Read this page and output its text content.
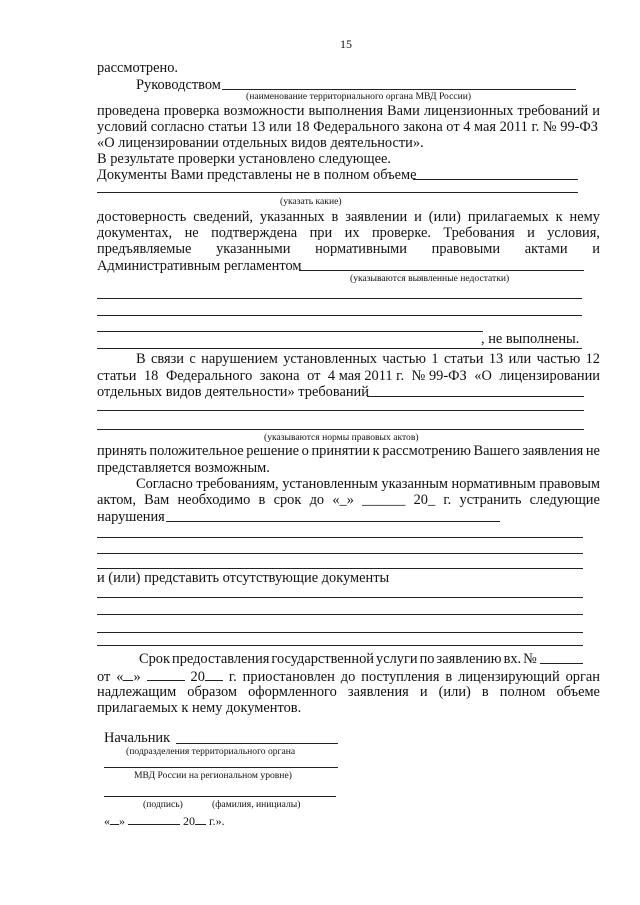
15
рассмотрено.
Руководством
(наименование территориального органа МВД России)
проведена проверка возможности выполнения Вами лицензионных требований и
условий согласно статьи 13 или 18 Федерального закона от 4 мая 2011 г. № 99-ФЗ
«О лицензировании отдельных видов деятельности».
В результате проверки установлено следующее.
Документы Вами представлены не в полном объеме
(указать какие)
достоверность сведений, указанных в заявлении и (или) прилагаемых к нему
документах, не подтверждена при их проверке. Требования и условия,
предъявляемые указанными нормативными правовыми актами и
Административным регламентом
(указываются выявленные недостатки)
, не выполнены.
В связи с нарушением установленных частью 1 статьи 13 или частью 12
статьи 18 Федерального закона от 4 мая 2011 г. № 99-ФЗ «О лицензировании
отдельных видов деятельности» требований
(указываются нормы правовых актов)
принять положительное решение о принятии к рассмотрению Вашего заявления не
представляется возможным.
Согласно требованиям, установленным указанным нормативным правовым
актом, Вам необходимо в срок до «_» ______ 20_ г. устранить следующие
нарушения
и (или) представить отсутствующие документы
Срок предоставления государственной услуги по заявлению вх. №
от « »	20	г. приостановлен до поступления в лицензирующий орган
надлежащим образом оформленного заявления и (или) в полном объеме
прилагаемых к нему документов.
Начальник
(подразделения территориального органа
МВД России на региональном уровне)
(подпись)	(фамилия, инициалы)
« »	20 г.».
